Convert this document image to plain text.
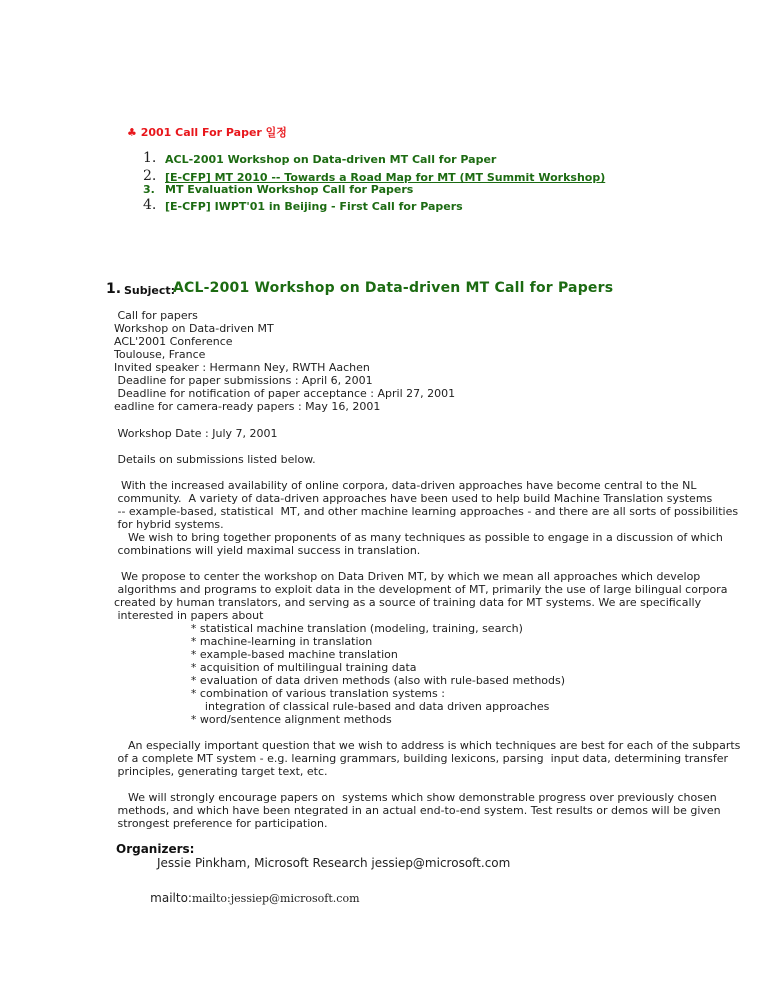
♣ 2001 Call For Paper 일정
1. ACL-2001 Workshop on Data-driven MT Call for Paper
2. [E-CFP] MT 2010 -- Towards a Road Map for MT (MT Summit Workshop)
3. MT Evaluation Workshop Call for Papers
4. [E-CFP] IWPT'01 in Beijing - First Call for Papers
1. Subject:
ACL-2001 Workshop on Data-driven MT Call for Papers
Call for papers
Workshop on Data-driven MT
ACL'2001 Conference
Toulouse, France
Invited speaker : Hermann Ney, RWTH Aachen
Deadline for paper submissions : April 6, 2001
Deadline for notification of paper acceptance : April 27, 2001
eadline for camera-ready papers : May 16, 2001
Workshop Date : July 7, 2001
Details on submissions listed below.
With the increased availability of online corpora, data-driven approaches have become central to the NL
community.  A variety of data-driven approaches have been used to help build Machine Translation systems
-- example-based, statistical  MT, and other machine learning approaches - and there are all sorts of possibilities
for hybrid systems.
We wish to bring together proponents of as many techniques as possible to engage in a discussion of which
combinations will yield maximal success in translation.
We propose to center the workshop on Data Driven MT, by which we mean all approaches which develop
algorithms and programs to exploit data in the development of MT, primarily the use of large bilingual corpora
created by human translators, and serving as a source of training data for MT systems. We are specifically
interested in papers about
* statistical machine translation (modeling, training, search)
* machine-learning in translation
* example-based machine translation
* acquisition of multilingual training data
* evaluation of data driven methods (also with rule-based methods)
* combination of various translation systems :
integration of classical rule-based and data driven approaches
* word/sentence alignment methods
An especially important question that we wish to address is which techniques are best for each of the subparts
of a complete MT system - e.g. learning grammars, building lexicons, parsing  input data, determining transfer
principles, generating target text, etc.
We will strongly encourage papers on  systems which show demonstrable progress over previously chosen
methods, and which have been ntegrated in an actual end-to-end system. Test results or demos will be given
strongest preference for participation.
Organizers:
Jessie Pinkham, Microsoft Research jessiep@microsoft.com

mailto:mailto:jessiep@microsoft.com
